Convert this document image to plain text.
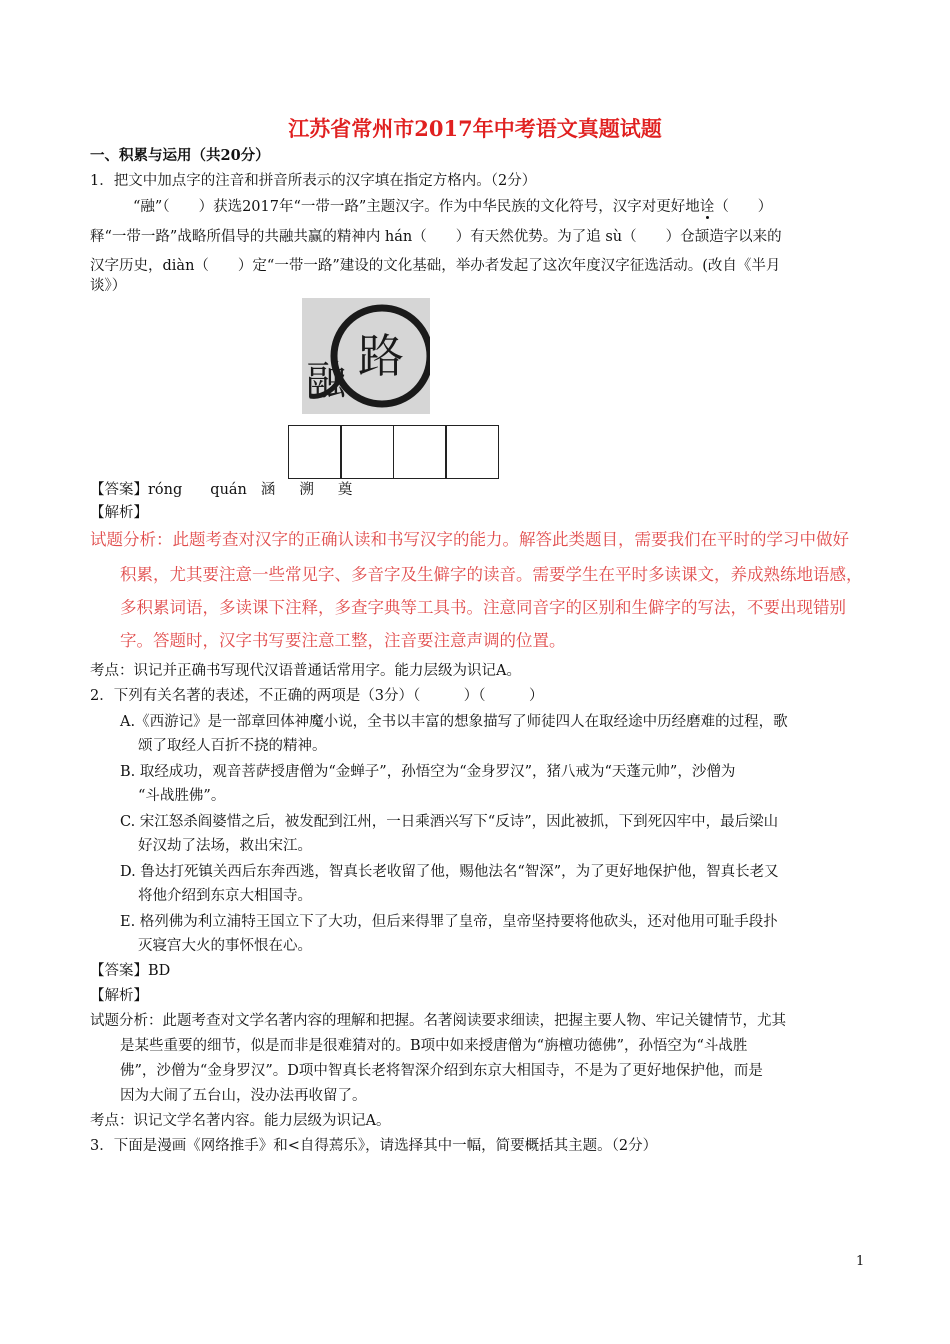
江苏省常州市2017年中考语文真题试题
一、积累与运用（共20分）
1．把文中加点字的注音和拼音所表示的汉字填在指定方格内。（2分）
“融”（　　）获选2017年“一带一路”主题汉字。作为中华民族的文化符号，汉字对更好地诠（　　）
释“一带一路”战略所倡导的共融共赢的精神内 hán（　　）有天然优势。为了追 sù（　　）仓颉造字以来的
汉字历史，diàn（　　）定“一带一路”建设的文化基础，举办者发起了这次年度汉字征选活动。(改自《半月
谈》）
融 路
【答案】róng quán 涵 溯 奠
【解析】
试题分析：此题考查对汉字的正确认读和书写汉字的能力。解答此类题目，需要我们在平时的学习中做好
积累，尤其要注意一些常见字、多音字及生僻字的读音。需要学生在平时多读课文，养成熟练地语感，
多积累词语，多读课下注释，多查字典等工具书。注意同音字的区别和生僻字的写法，不要出现错别
字。答题时，汉字书写要注意工整，注音要注意声调的位置。
考点：识记并正确书写现代汉语普通话常用字。能力层级为识记A。
2．下列有关名著的表述，不正确的两项是（3分）（　　　）（　　　）
A.《西游记》是一部章回体神魔小说，全书以丰富的想象描写了师徒四人在取经途中历经磨难的过程，歌
颂了取经人百折不挠的精神。
B. 取经成功，观音菩萨授唐僧为“金蝉子”，孙悟空为“金身罗汉”，猪八戒为“天蓬元帅”，沙僧为
“斗战胜佛”。
C. 宋江怒杀阎婆惜之后，被发配到江州，一日乘酒兴写下“反诗”，因此被抓，下到死囚牢中，最后梁山
好汉劫了法场，救出宋江。
D. 鲁达打死镇关西后东奔西逃，智真长老收留了他，赐他法名“智深”，为了更好地保护他，智真长老又
将他介绍到东京大相国寺。
E. 格列佛为利立浦特王国立下了大功，但后来得罪了皇帝，皇帝坚持要将他砍头，还对他用可耻手段扑
灭寝宫大火的事怀恨在心。
【答案】BD
【解析】
试题分析：此题考查对文学名著内容的理解和把握。名著阅读要求细读，把握主要人物、牢记关键情节，尤其
是某些重要的细节，似是而非是很难猜对的。B项中如来授唐僧为“旃檀功德佛”，孙悟空为“斗战胜
佛”，沙僧为“金身罗汉”。D项中智真长老将智深介绍到东京大相国寺，不是为了更好地保护他，而是
因为大闹了五台山，没办法再收留了。
考点：识记文学名著内容。能力层级为识记A。
3．下面是漫画《网络推手》和<自得蔫乐》，请选择其中一幅，简要概括其主题。（2分）
1
